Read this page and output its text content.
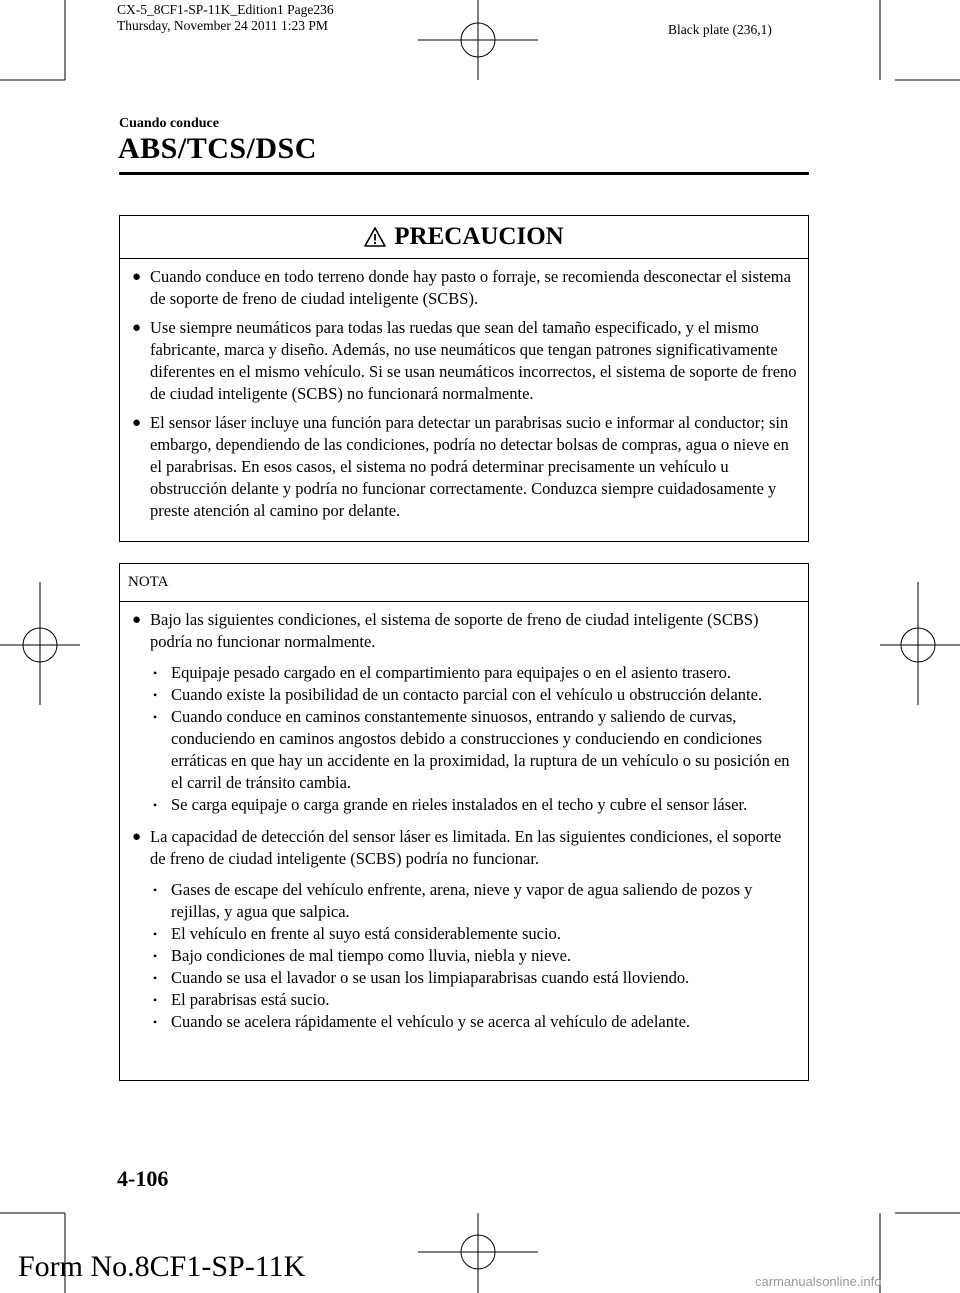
CX-5_8CF1-SP-11K_Edition1 Page236
Thursday, November 24 2011 1:23 PM	Black plate (236,1)
Cuando conduce
ABS/TCS/DSC
PRECAUCION
● Cuando conduce en todo terreno donde hay pasto o forraje, se recomienda desconectar el sistema de soporte de freno de ciudad inteligente (SCBS).
● Use siempre neumáticos para todas las ruedas que sean del tamaño especificado, y el mismo fabricante, marca y diseño. Además, no use neumáticos que tengan patrones significativamente diferentes en el mismo vehículo. Si se usan neumáticos incorrectos, el sistema de soporte de freno de ciudad inteligente (SCBS) no funcionará normalmente.
● El sensor láser incluye una función para detectar un parabrisas sucio e informar al conductor; sin embargo, dependiendo de las condiciones, podría no detectar bolsas de compras, agua o nieve en el parabrisas. En esos casos, el sistema no podrá determinar precisamente un vehículo u obstrucción delante y podría no funcionar correctamente. Conduzca siempre cuidadosamente y preste atención al camino por delante.
NOTA
● Bajo las siguientes condiciones, el sistema de soporte de freno de ciudad inteligente (SCBS) podría no funcionar normalmente.
• Equipaje pesado cargado en el compartimiento para equipajes o en el asiento trasero.
• Cuando existe la posibilidad de un contacto parcial con el vehículo u obstrucción delante.
• Cuando conduce en caminos constantemente sinuosos, entrando y saliendo de curvas, conduciendo en caminos angostos debido a construcciones y conduciendo en condiciones erráticas en que hay un accidente en la proximidad, la ruptura de un vehículo o su posición en el carril de tránsito cambia.
• Se carga equipaje o carga grande en rieles instalados en el techo y cubre el sensor láser.
● La capacidad de detección del sensor láser es limitada. En las siguientes condiciones, el soporte de freno de ciudad inteligente (SCBS) podría no funcionar.
• Gases de escape del vehículo enfrente, arena, nieve y vapor de agua saliendo de pozos y rejillas, y agua que salpica.
• El vehículo en frente al suyo está considerablemente sucio.
• Bajo condiciones de mal tiempo como lluvia, niebla y nieve.
• Cuando se usa el lavador o se usan los limpiaparabrisas cuando está lloviendo.
• El parabrisas está sucio.
• Cuando se acelera rápidamente el vehículo y se acerca al vehículo de adelante.
4-106
Form No.8CF1-SP-11K	carmanualsonline.info
